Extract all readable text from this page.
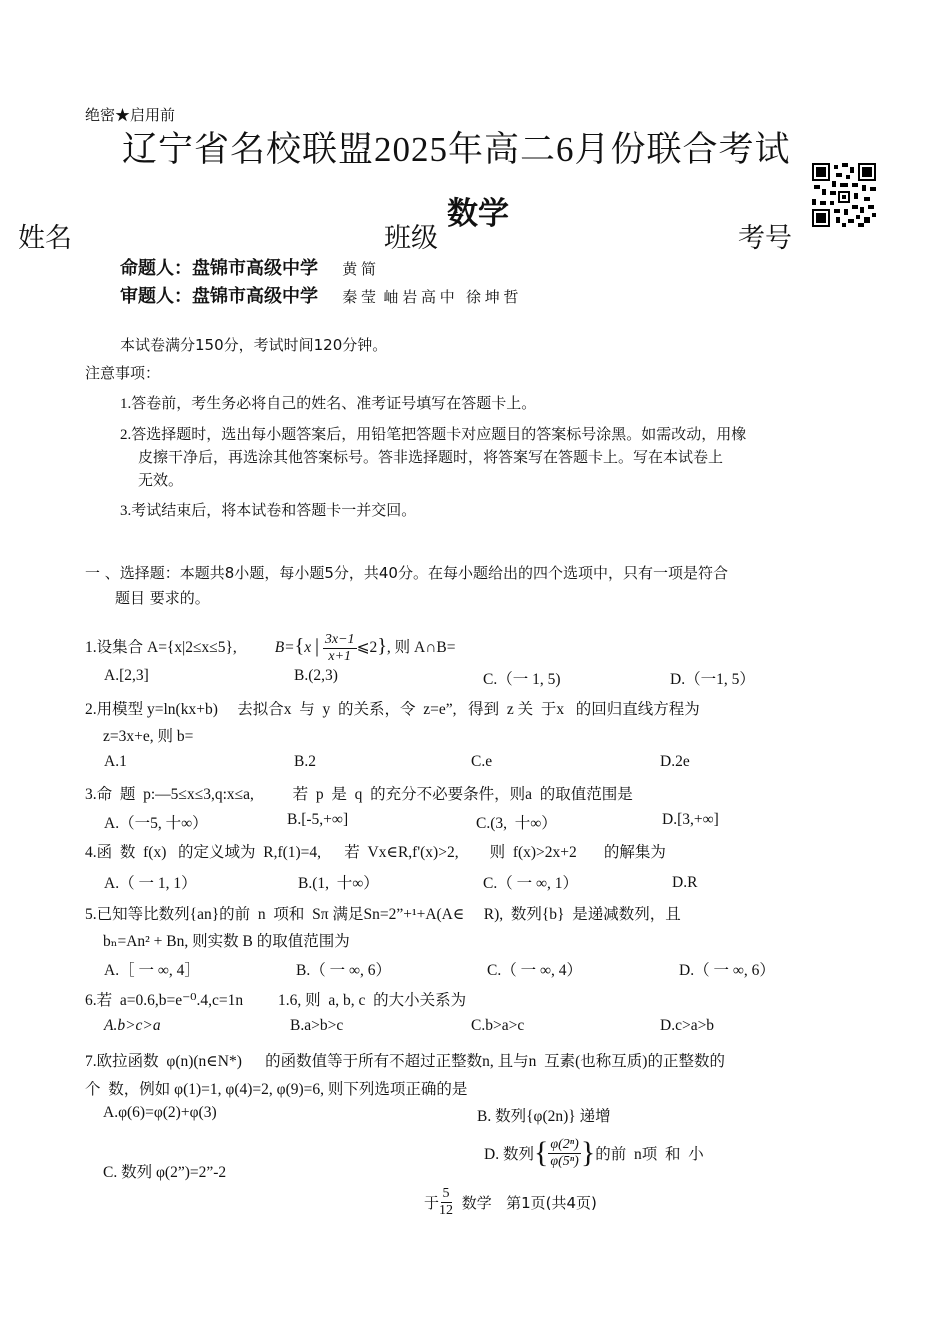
绝密★启用前
辽宁省名校联盟2025年高二6月份联合考试
数学
姓名	班级	考号
命题人：盘锦市高级中学 黄 简
审题人：盘锦市高级中学 秦 莹  岫 岩 高 中   徐 坤 哲
本试卷满分150分，考试时间120分钟。
注意事项：
1.答卷前，考生务必将自己的姓名、准考证号填写在答题卡上。
2.答选择题时，选出每小题答案后，用铅笔把答题卡对应题目的答案标号涂黑。如需改动，用橡
皮擦干净后，再选涂其他答案标号。答非选择题时，将答案写在答题卡上。写在本试卷上
无效。
3.考试结束后，将本试卷和答题卡一并交回。
一 、选择题：本题共8小题，每小题5分，共40分。在每小题给出的四个选项中，只有一项是符合
题目 要求的。
1.设集合 A={x|2≤x≤5}, B={x | $\frac{3x-1}{x+1}$ ⩽2}, 则 A∩B=
A.[2,3]	B.(2,3)	C.（一 1, 5)	D.（一1, 5）
2.用模型 y=ln(kx+b)     去拟合x  与  y  的关系，令  z=e”,   得到  z 关  于x   的回归直线方程为
z=3x+e, 则 b=
A.1	B.2	C.e	D.2e
3.命  题  p:—5≤x≤3,q:x≤a,          若  p  是  q  的充分不必要条件，则a  的取值范围是
A.（一5, 十∞）	B.[-5,+∞]	C.(3,  十∞）	D.[3,+∞]
4.函  数  f(x)   的定义域为  R,f(1)=4,      若  Vx∈R,f'(x)>2,        则  f(x)>2x+2       的解集为
A.（ 一 1, 1）	B.(1,  十∞）	C.（ 一 ∞, 1）	D.R
5.已知等比数列{an}的前  n  项和  Sπ 满足Sn=2”+¹+A(A∈     R),  数列{b}  是递减数列，且
bₙ=An² + Bn, 则实数 B 的取值范围为
A.［ 一 ∞, 4］	B.（ 一 ∞, 6）	C.（ 一 ∞, 4）	D.（ 一 ∞, 6）
6.若  a=0.6,b=e⁻⁰.4,c=1n         1.6, 则  a, b, c  的大小关系为
A.b>c>a	B.a>b>c	C.b>a>c	D.c>a>b
7.欧拉函数  φ(n)(n∈N*)      的函数值等于所有不超过正整数n, 且与n  互素(也称互质)的正整数的
个  数，例如 φ(1)=1, φ(4)=2, φ(9)=6, 则下列选项正确的是
A.φ(6)=φ(2)+φ(3)	B. 数列{φ(2n)} 递增
C. 数列 φ(2”)=2”-2
D. 数列{ $\frac{\text{φ(2ⁿ)}}{\text{φ(5ⁿ)}}$ }的前  n项  和  小
于 $\frac{5}{12}$ 数学   第1页(共4页)
